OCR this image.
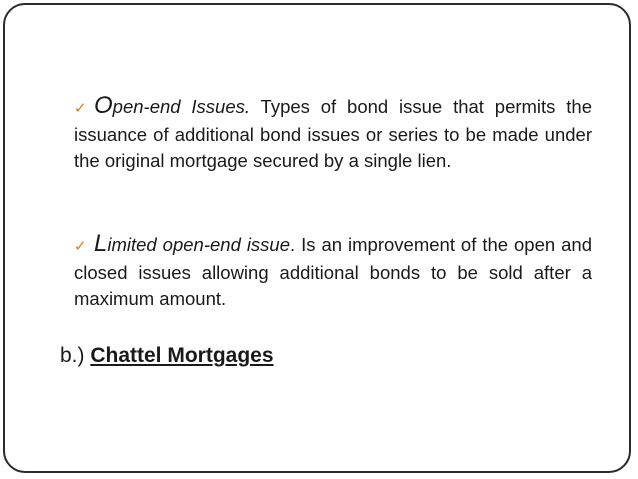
✓ Open-end Issues. Types of bond issue that permits the issuance of additional bond issues or series to be made under the original mortgage secured by a single lien.
✓ Limited open-end issue. Is an improvement of the open and closed issues allowing additional bonds to be sold after a maximum amount.
b.) Chattel Mortgages
